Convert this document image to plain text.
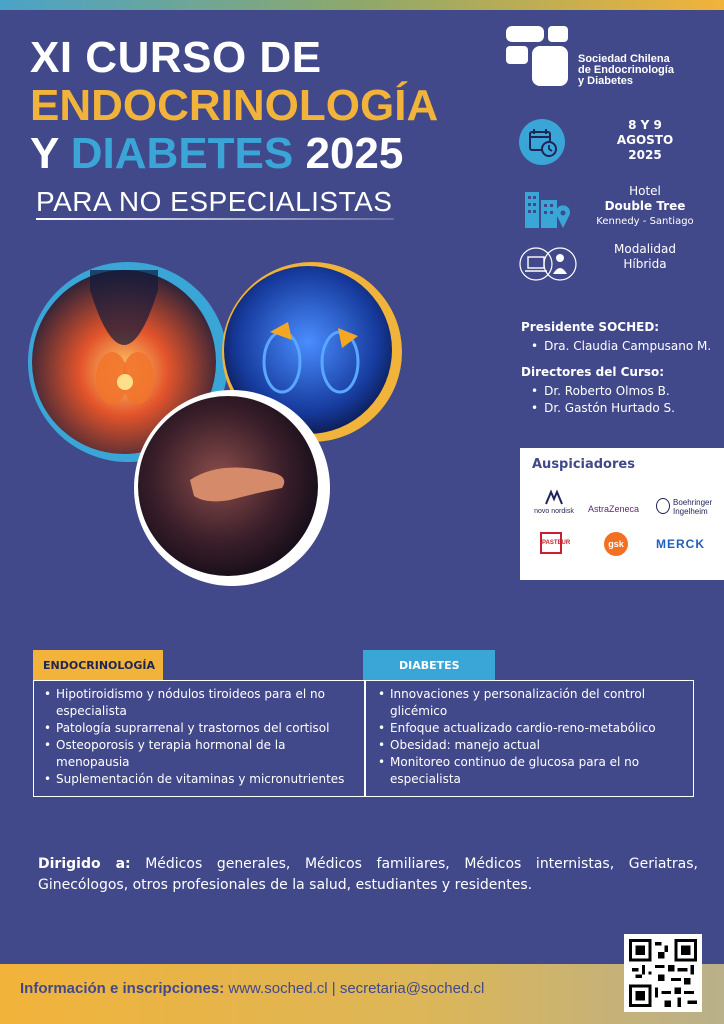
XI CURSO DE
ENDOCRINOLOGÍA
Y DIABETES 2025
PARA NO ESPECIALISTAS
Sociedad Chilena
de Endocrinología
y Diabetes
8 Y 9
AGOSTO
2025
Hotel
Double Tree
Kennedy - Santiago
Modalidad
Híbrida
Presidente SOCHED:
• Dra. Claudia Campusano M.
Directores del Curso:
• Dr. Roberto Olmos B.
• Dr. Gastón Hurtado S.
Auspiciadores
novo nordisk AstraZeneca
Boehringer Ingelheim
PASTEUR	gsk	MERCK
ENDOCRINOLOGÍA	DIABETES
• Hipotiroidismo y nódulos tiroideos para el no especialista
• Patología suprarrenal y trastornos del cortisol
• Osteoporosis y terapia hormonal de la menopausia
• Suplementación de vitaminas y micronutrientes
• Innovaciones y personalización del control glicémico
• Enfoque actualizado cardio-reno-metabólico
• Obesidad: manejo actual
• Monitoreo continuo de glucosa para el no especialista
Dirigido a: Médicos generales, Médicos familiares, Médicos internistas, Geriatras, Ginecólogos, otros profesionales de la salud, estudiantes y residentes.
Información e inscripciones: www.soched.cl | secretaria@soched.cl
